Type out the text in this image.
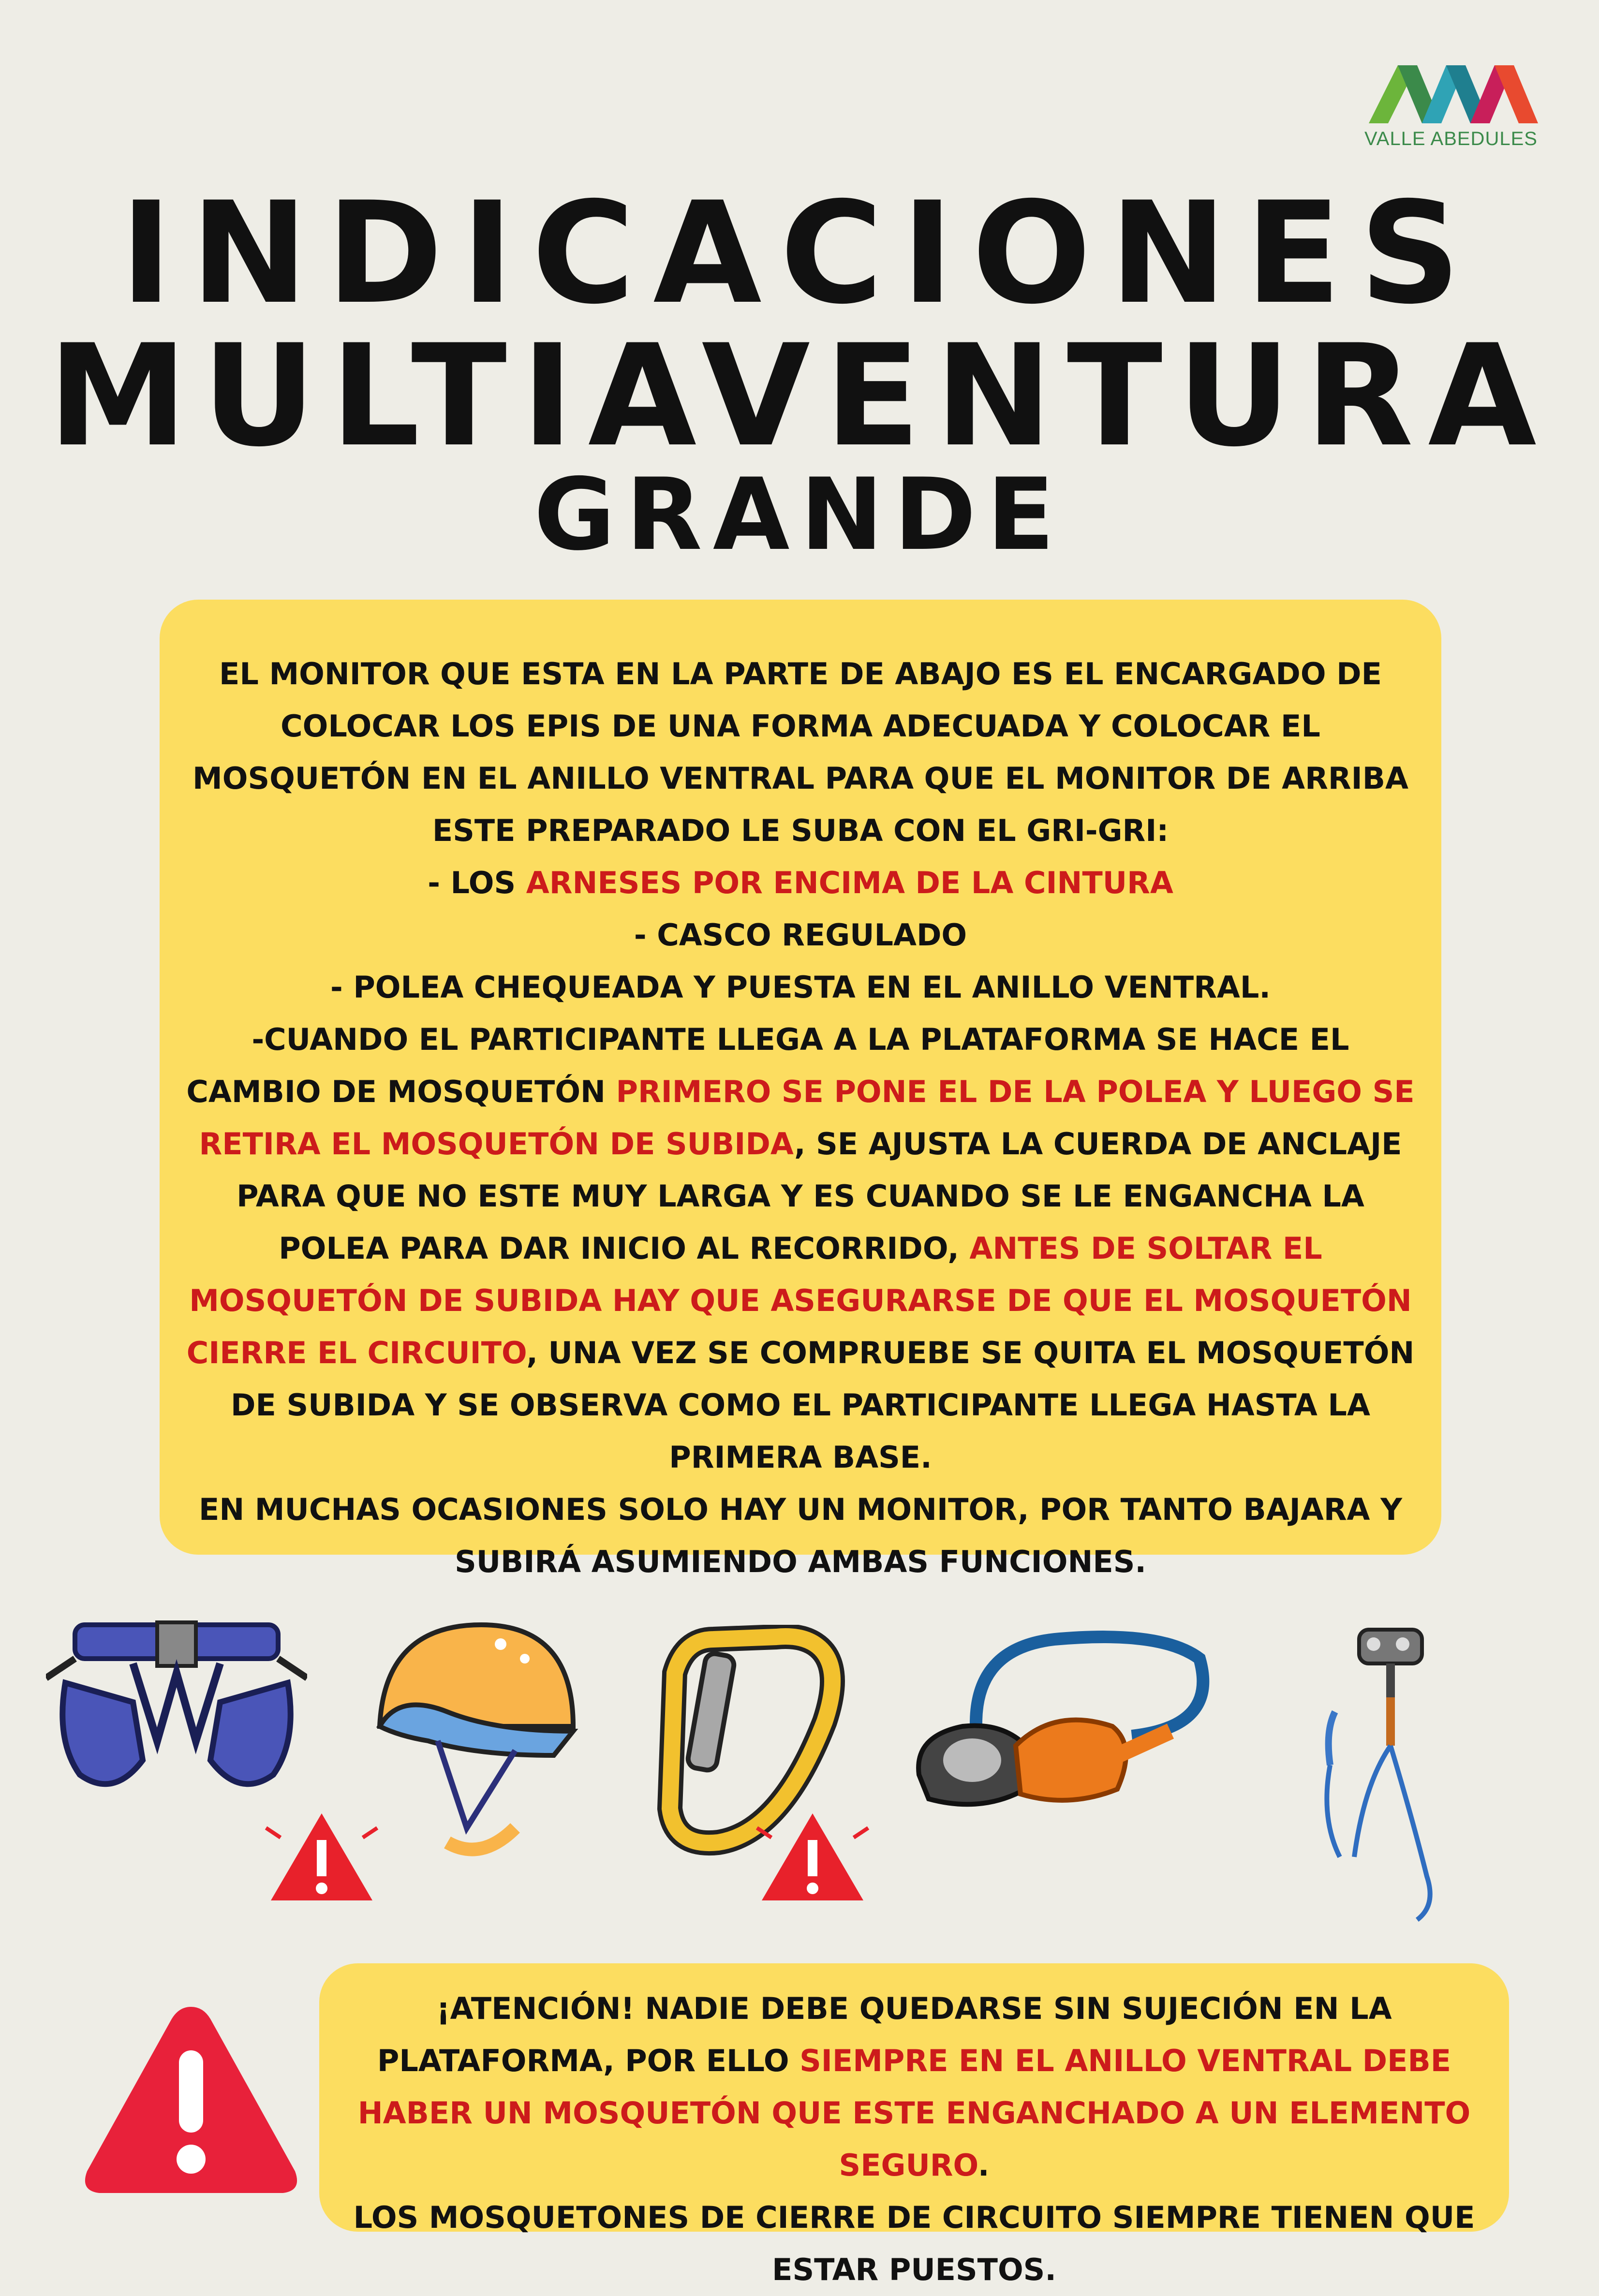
VALLE ABEDULES
INDICACIONES
MULTIAVENTURA
GRANDE
EL MONITOR QUE ESTA EN LA PARTE DE ABAJO ES EL ENCARGADO DE COLOCAR LOS EPIS DE UNA FORMA ADECUADA Y COLOCAR EL MOSQUETÓN EN EL ANILLO VENTRAL PARA QUE EL MONITOR DE ARRIBA ESTE PREPARADO LE SUBA CON EL GRI-GRI:
- LOS ARNESES POR ENCIMA DE LA CINTURA
- CASCO REGULADO
- POLEA CHEQUEADA Y PUESTA EN EL ANILLO VENTRAL.
-CUANDO EL PARTICIPANTE LLEGA A LA PLATAFORMA SE HACE EL CAMBIO DE MOSQUETÓN PRIMERO SE PONE EL DE LA POLEA Y LUEGO SE RETIRA EL MOSQUETÓN DE SUBIDA, SE AJUSTA LA CUERDA DE ANCLAJE PARA QUE NO ESTE MUY LARGA Y ES CUANDO SE LE ENGANCHA LA POLEA PARA DAR INICIO AL RECORRIDO, ANTES DE SOLTAR EL MOSQUETÓN DE SUBIDA HAY QUE ASEGURARSE DE QUE EL MOSQUETÓN CIERRE EL CIRCUITO, UNA VEZ SE COMPRUEBE SE QUITA EL MOSQUETÓN DE SUBIDA Y SE OBSERVA COMO EL PARTICIPANTE LLEGA HASTA LA PRIMERA BASE.
EN MUCHAS OCASIONES SOLO HAY UN MONITOR, POR TANTO BAJARA Y SUBIRÁ ASUMIENDO AMBAS FUNCIONES.
¡ATENCIÓN! NADIE DEBE QUEDARSE SIN SUJECIÓN EN LA PLATAFORMA, POR ELLO SIEMPRE EN EL ANILLO VENTRAL DEBE HABER UN MOSQUETÓN QUE ESTE ENGANCHADO A UN ELEMENTO SEGURO.
LOS MOSQUETONES DE CIERRE DE CIRCUITO SIEMPRE TIENEN QUE ESTAR PUESTOS.
